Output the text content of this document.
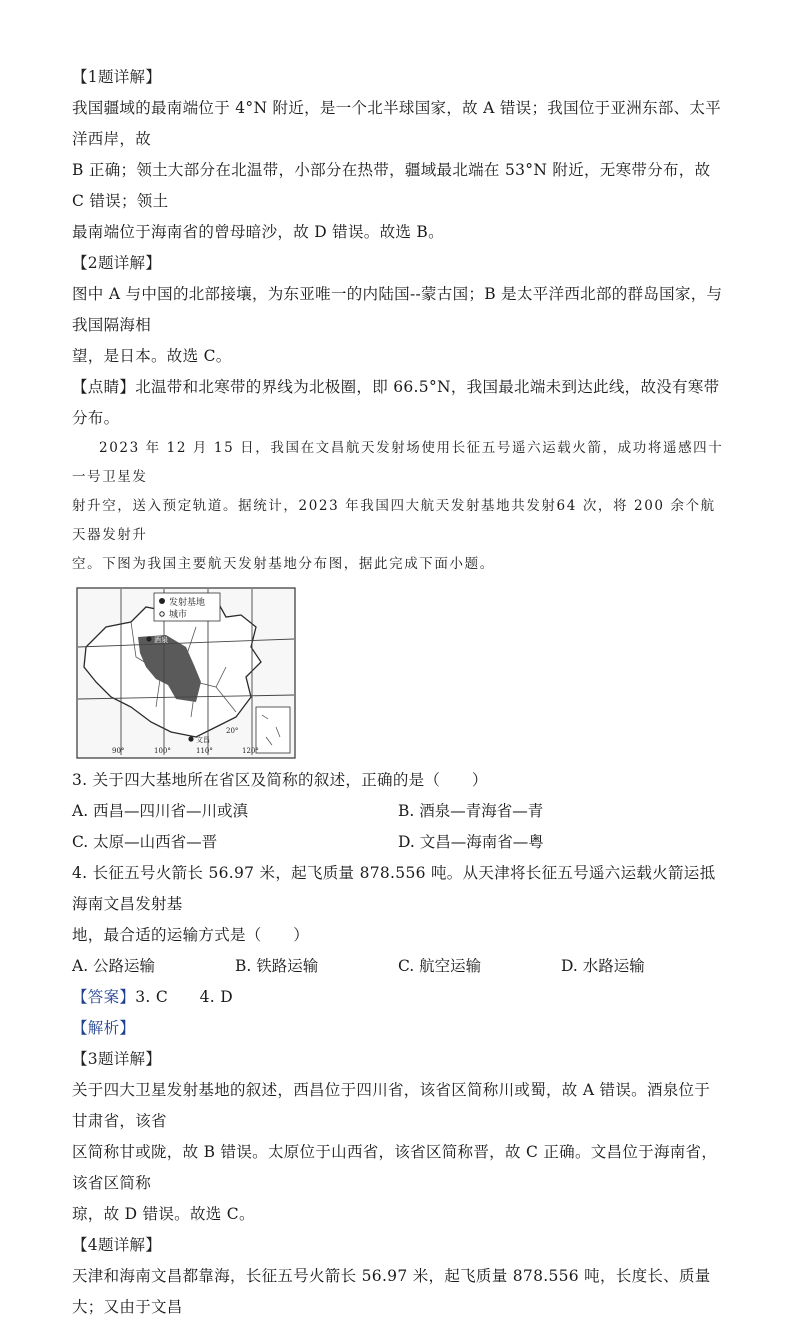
【1题详解】

我国疆域的最南端位于 4°N 附近，是一个北半球国家，故 A 错误；我国位于亚洲东部、太平洋西岸，故

B 正确；领土大部分在北温带，小部分在热带，疆域最北端在 53°N 附近，无寒带分布，故 C 错误；领土

最南端位于海南省的曾母暗沙，故 D 错误。故选 B。

【2题详解】

图中 A 与中国的北部接壤，为东亚唯一的内陆国--蒙古国；B 是太平洋西北部的群岛国家，与我国隔海相

望，是日本。故选 C。

【点睛】北温带和北寒带的界线为北极圈，即 66.5°N，我国最北端未到达此线，故没有寒带分布。

2023 年 12 月 15 日，我国在文昌航天发射场使用长征五号遥六运载火箭，成功将遥感四十一号卫星发

射升空，送入预定轨道。据统计，2023 年我国四大航天发射基地共发射64 次，将 200 余个航天器发射升

空。下图为我国主要航天发射基地分布图，据此完成下面小题。

发射基地
城市
酒泉
文昌
90°	100°	110°	120°
20°

3. 关于四大基地所在省区及简称的叙述，正确的是（　　）

A. 西昌—四川省—川或滇	B. 酒泉—青海省—青
C. 太原—山西省—晋	D. 文昌—海南省—粤

4. 长征五号火箭长 56.97 米，起飞质量 878.556 吨。从天津将长征五号遥六运载火箭运抵海南文昌发射基

地，最合适的运输方式是（　　）

A. 公路运输	B. 铁路运输	C. 航空运输	D. 水路运输

【答案】3. C　　4. D

【解析】

【3题详解】

关于四大卫星发射基地的叙述，西昌位于四川省，该省区简称川或蜀，故 A 错误。酒泉位于甘肃省，该省

区简称甘或陇，故 B 错误。太原位于山西省，该省区简称晋，故 C 正确。文昌位于海南省，该省区简称

琼，故 D 错误。故选 C。

【4题详解】

天津和海南文昌都靠海，长征五号火箭长 56.97 米，起飞质量 878.556 吨，长度长、质量大；又由于文昌
